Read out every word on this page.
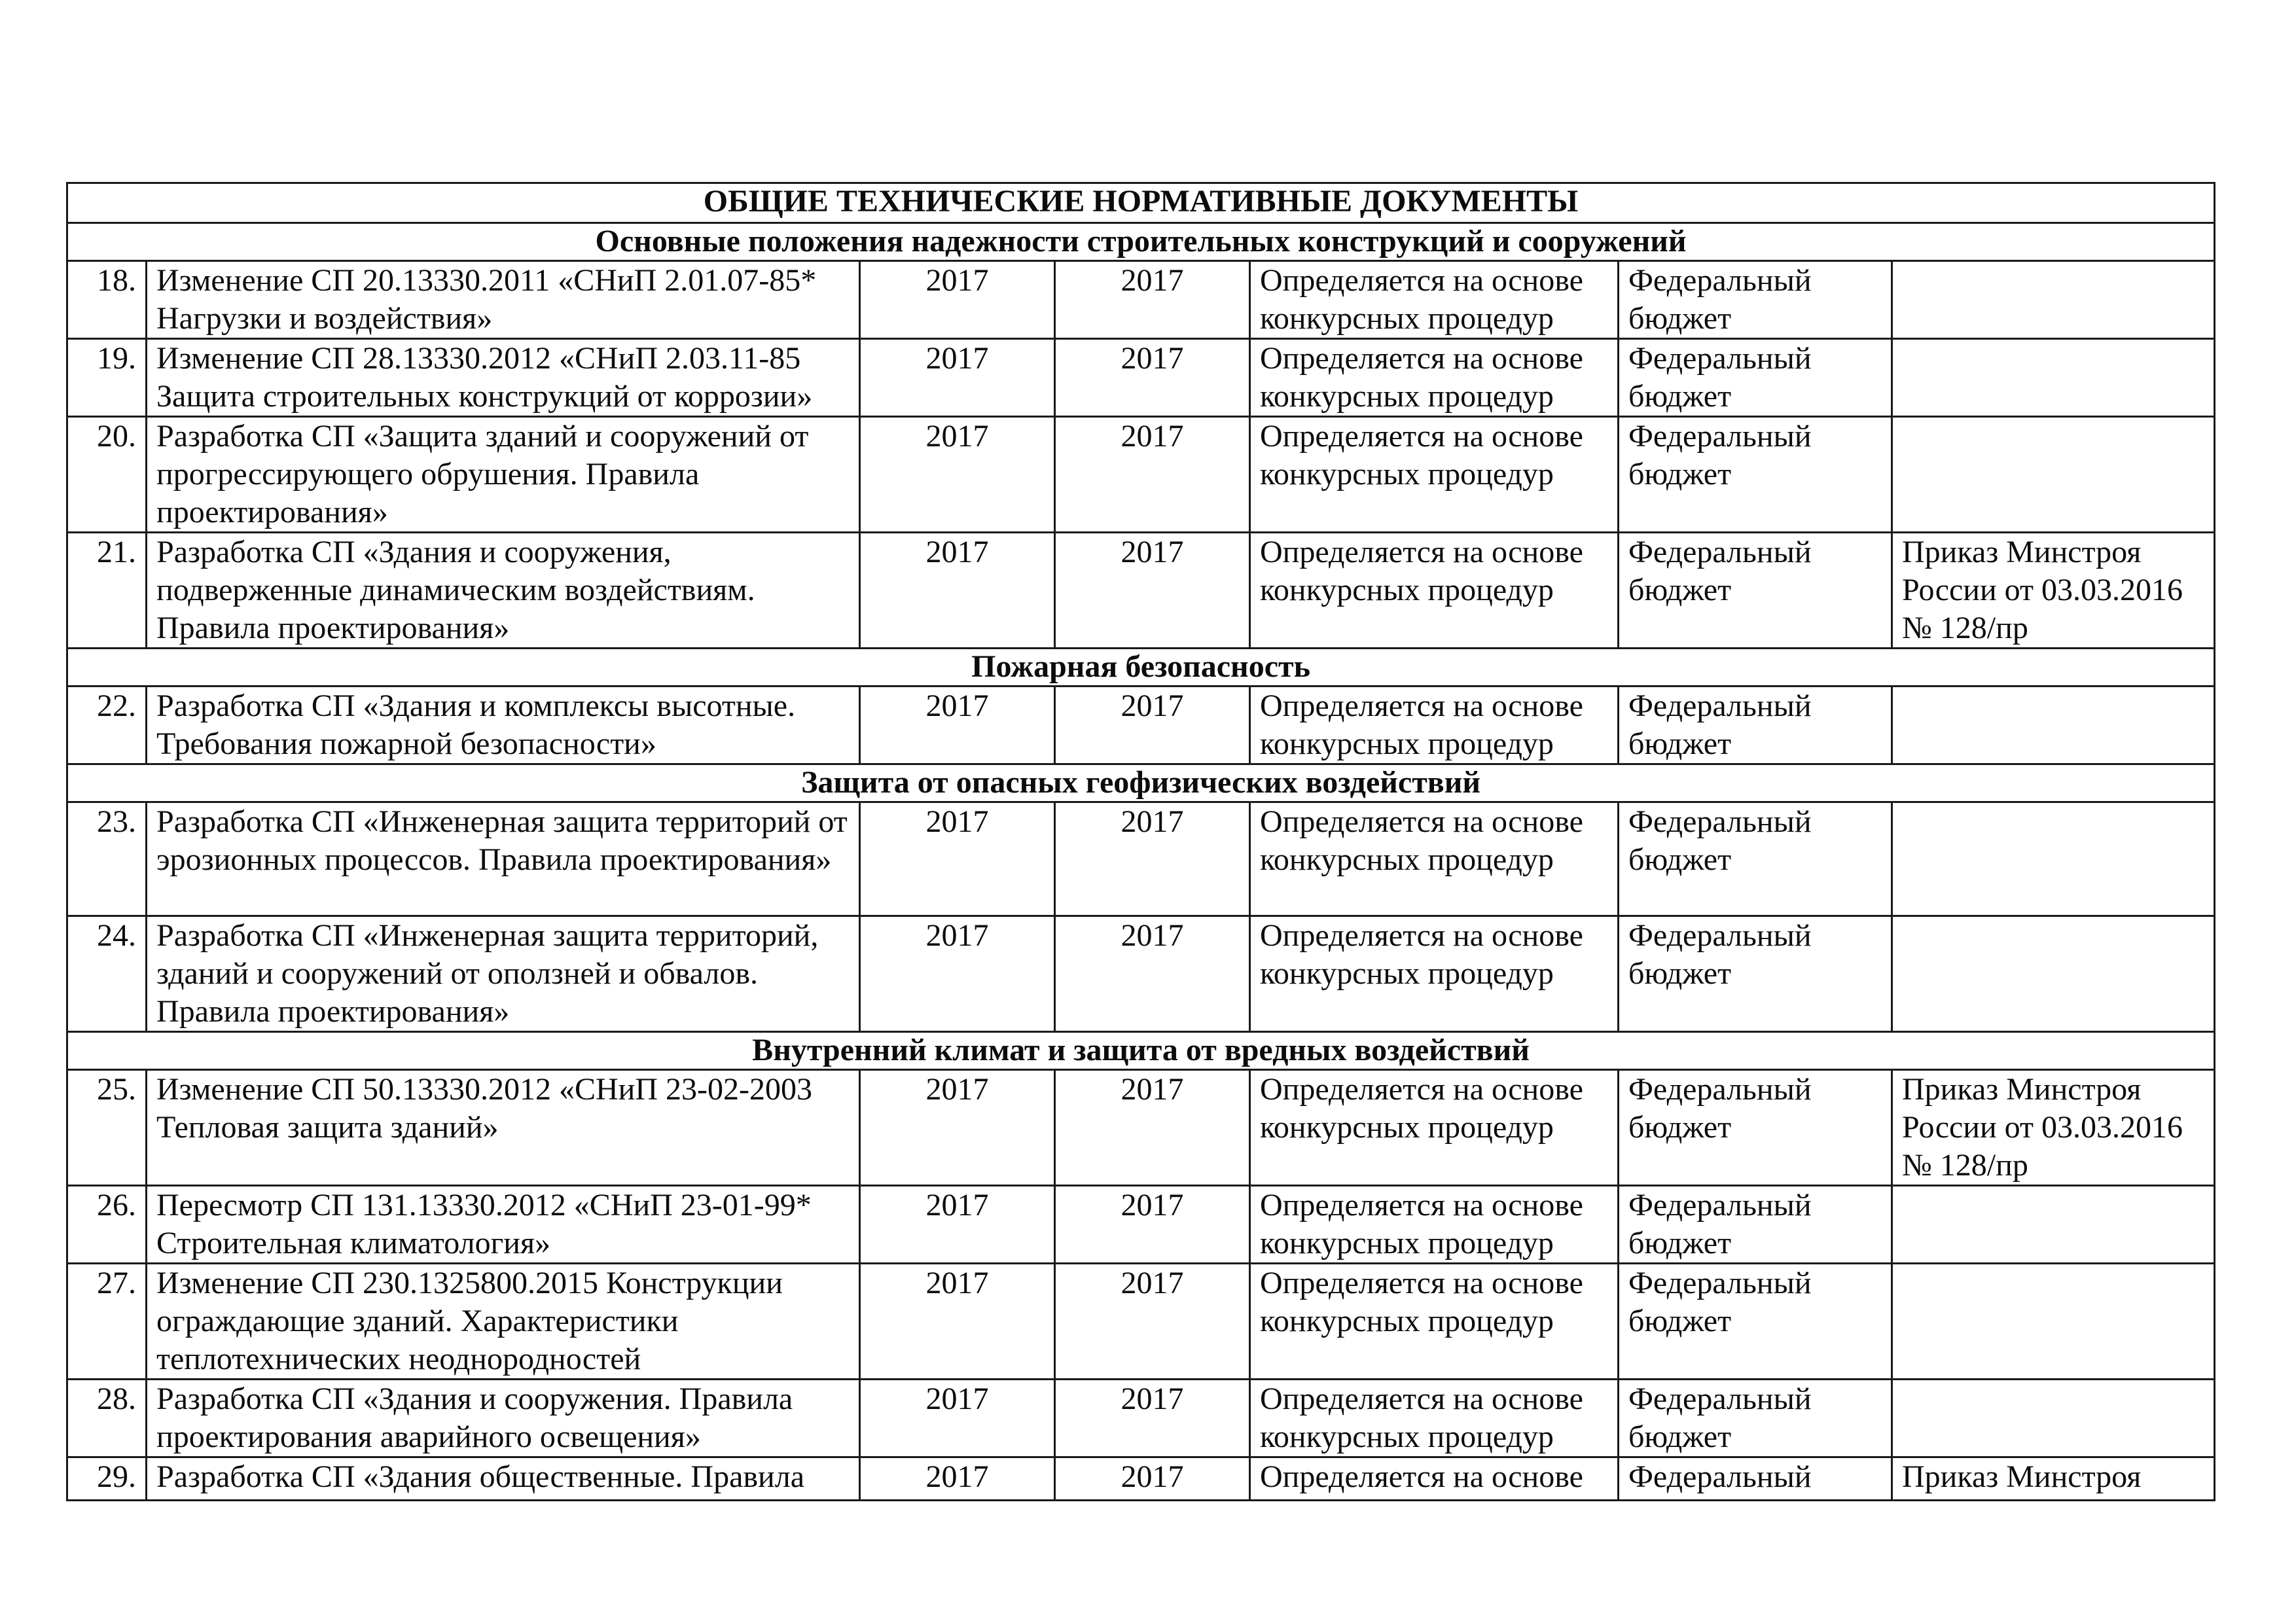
ОБЩИЕ ТЕХНИЧЕСКИЕ НОРМАТИВНЫЕ ДОКУМЕНТЫ						
Основные положения надежности строительных конструкций и сооружений						
18.	Изменение СП 20.13330.2011 «СНиП 2.01.07-85* Нагрузки и воздействия»	2017	2017	Определяется на основе конкурсных процедур	Федеральный бюджет	
19.	Изменение СП 28.13330.2012 «СНиП 2.03.11-85 Защита строительных конструкций от коррозии»	2017	2017	Определяется на основе конкурсных процедур	Федеральный бюджет	
20.	Разработка СП «Защита зданий и сооружений от прогрессирующего обрушения. Правила проектирования»	2017	2017	Определяется на основе конкурсных процедур	Федеральный бюджет	
21.	Разработка СП «Здания и сооружения, подверженные динамическим воздействиям. Правила проектирования»	2017	2017	Определяется на основе конкурсных процедур	Федеральный бюджет	Приказ Минстроя России от 03.03.2016 № 128/пр
Пожарная безопасность						
22.	Разработка СП «Здания и комплексы высотные. Требования пожарной безопасности»	2017	2017	Определяется на основе конкурсных процедур	Федеральный бюджет	
Защита от опасных геофизических воздействий						
23.	Разработка СП «Инженерная защита территорий от эрозионных процессов. Правила проектирования»	2017	2017	Определяется на основе конкурсных процедур	Федеральный бюджет	
24.	Разработка СП «Инженерная защита территорий, зданий и сооружений от оползней и обвалов. Правила проектирования»	2017	2017	Определяется на основе конкурсных процедур	Федеральный бюджет	
Внутренний климат и защита от вредных воздействий						
25.	Изменение СП 50.13330.2012 «СНиП 23-02-2003 Тепловая защита зданий»	2017	2017	Определяется на основе конкурсных процедур	Федеральный бюджет	Приказ Минстроя России от 03.03.2016 № 128/пр
26.	Пересмотр СП 131.13330.2012 «СНиП 23-01-99* Строительная климатология»	2017	2017	Определяется на основе конкурсных процедур	Федеральный бюджет	
27.	Изменение СП 230.1325800.2015 Конструкции ограждающие зданий. Характеристики теплотехнических неоднородностей	2017	2017	Определяется на основе конкурсных процедур	Федеральный бюджет	
28.	Разработка СП «Здания и сооружения. Правила проектирования аварийного освещения»	2017	2017	Определяется на основе конкурсных процедур	Федеральный бюджет	
29.	Разработка СП «Здания общественные. Правила	2017	2017	Определяется на основе	Федеральный	Приказ Минстроя
